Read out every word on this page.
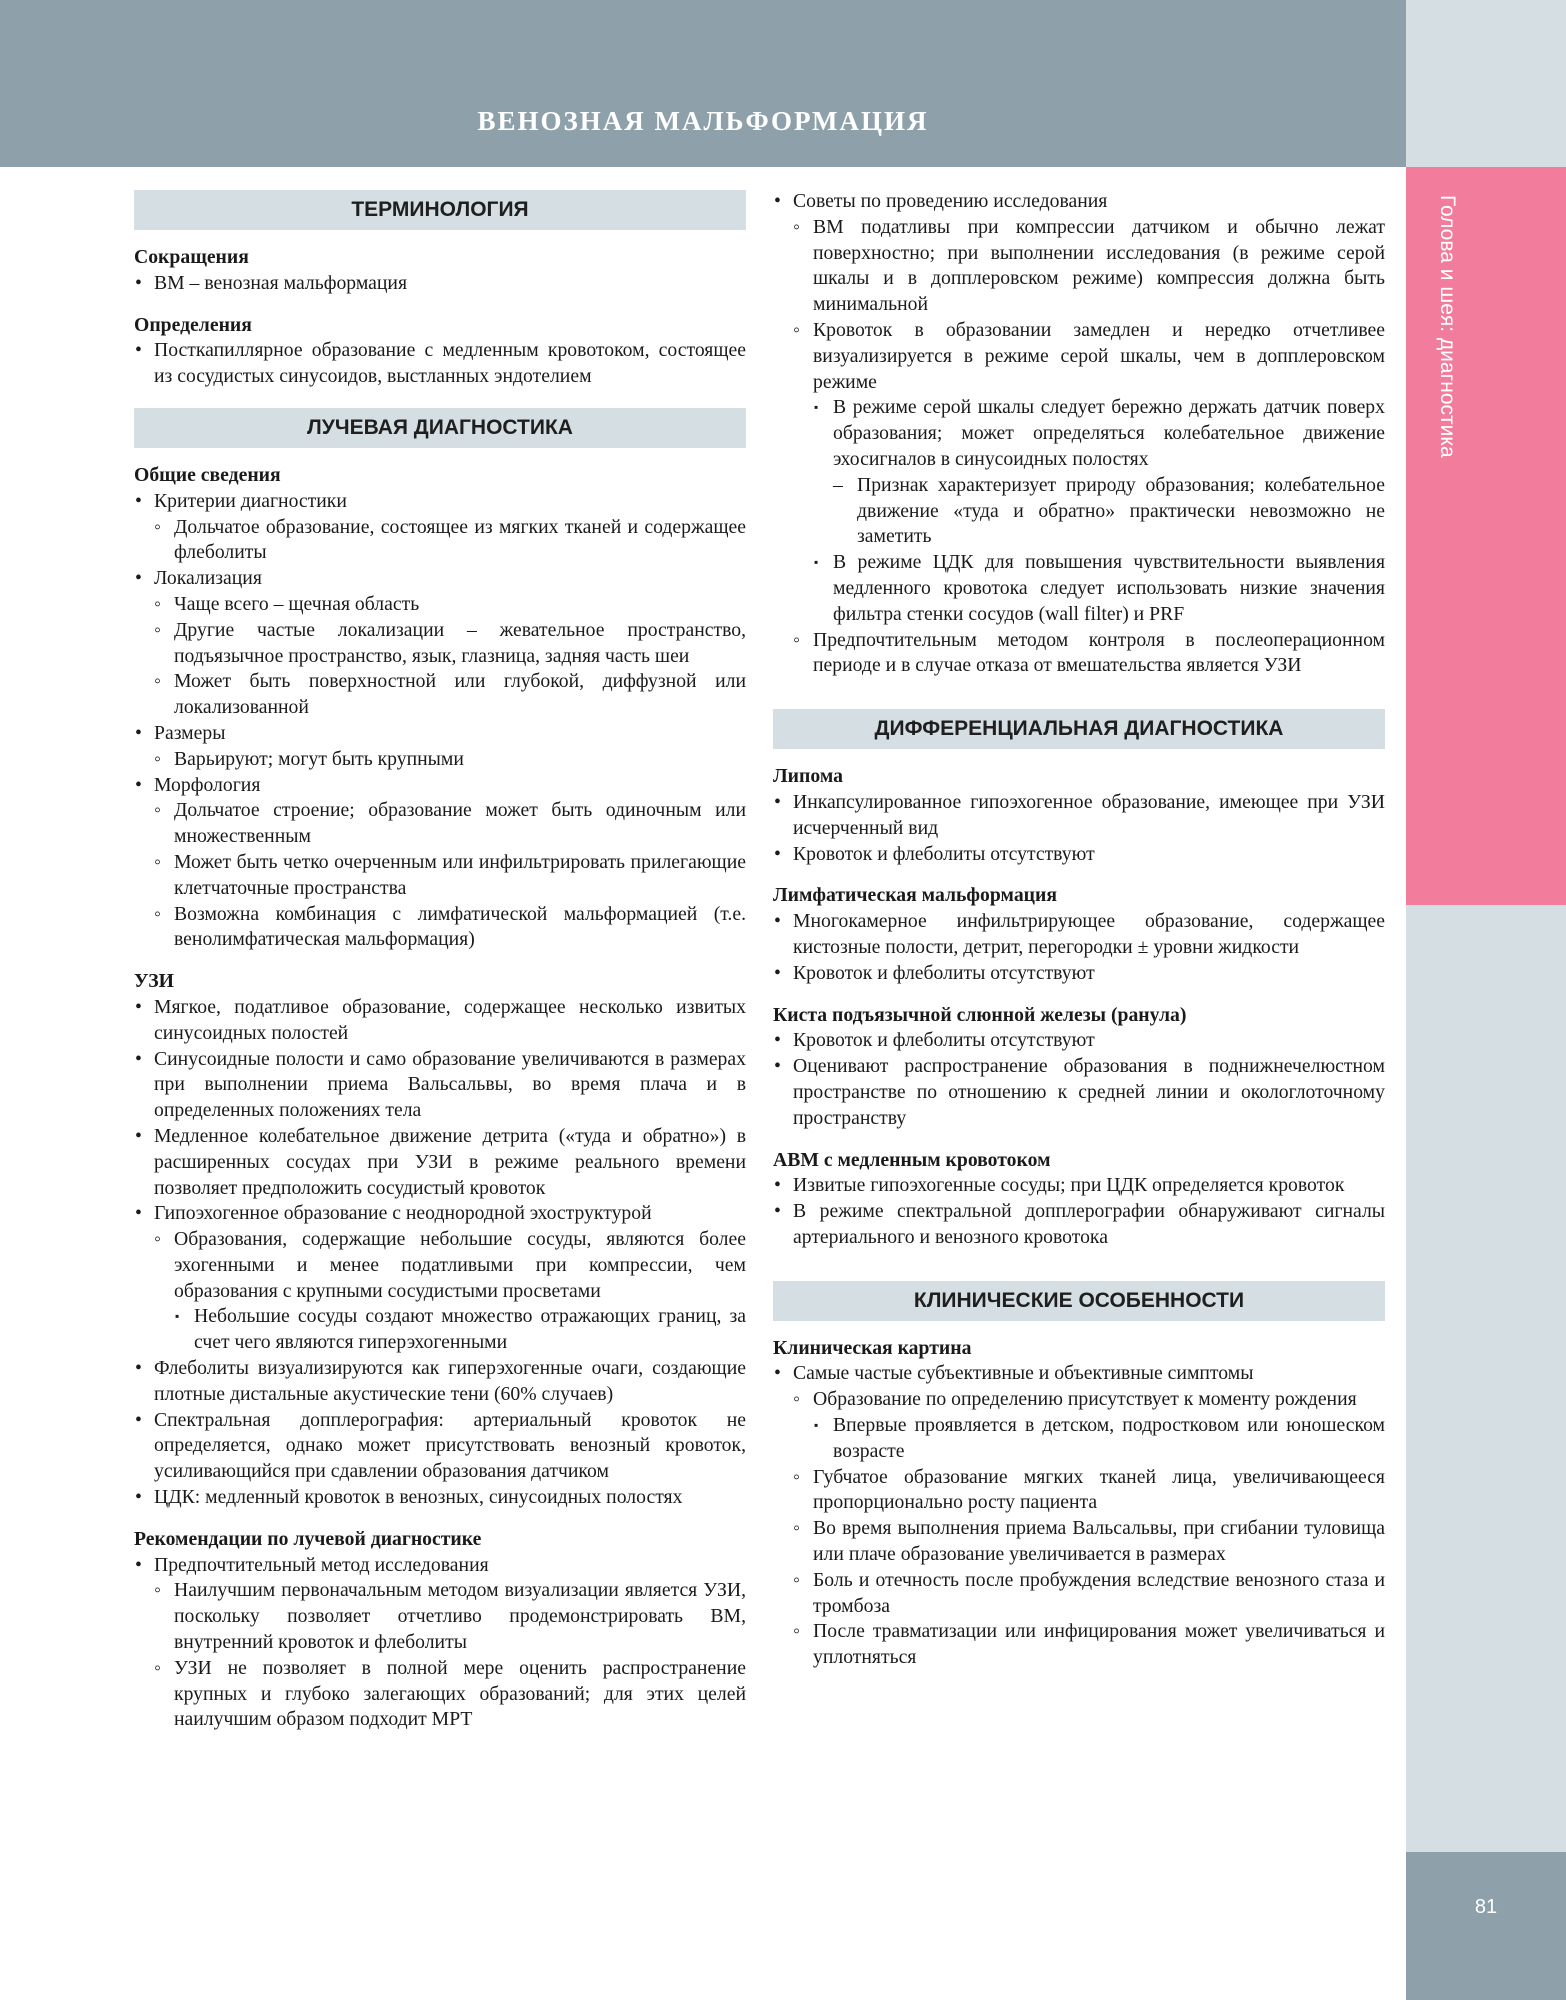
ВЕНОЗНАЯ МАЛЬФОРМАЦИЯ
Голова и шея: диагностика
81
ТЕРМИНОЛОГИЯ
Сокращения
• ВМ – венозная мальформация
Определения
• Посткапиллярное образование с медленным кровотоком, состоящее из сосудистых синусоидов, выстланных эндотелием
ЛУЧЕВАЯ ДИАГНОСТИКА
Общие сведения
• Критерии диагностики
◦ Дольчатое образование, состоящее из мягких тканей и содержащее флеболиты
• Локализация
◦ Чаще всего – щечная область
◦ Другие частые локализации – жевательное пространство, подъязычное пространство, язык, глазница, задняя часть шеи
◦ Может быть поверхностной или глубокой, диффузной или локализованной
• Размеры
◦ Варьируют; могут быть крупными
• Морфология
◦ Дольчатое строение; образование может быть одиночным или множественным
◦ Может быть четко очерченным или инфильтрировать прилегающие клетчаточные пространства
◦ Возможна комбинация с лимфатической мальформацией (т.е. венолимфатическая мальформация)
УЗИ
• Мягкое, податливое образование, содержащее несколько извитых синусоидных полостей
• Синусоидные полости и само образование увеличиваются в размерах при выполнении приема Вальсальвы, во время плача и в определенных положениях тела
• Медленное колебательное движение детрита («туда и обратно») в расширенных сосудах при УЗИ в режиме реального времени позволяет предположить сосудистый кровоток
• Гипоэхогенное образование с неоднородной эхоструктурой
◦ Образования, содержащие небольшие сосуды, являются более эхогенными и менее податливыми при компрессии, чем образования с крупными сосудистыми просветами
▪ Небольшие сосуды создают множество отражающих границ, за счет чего являются гиперэхогенными
• Флеболиты визуализируются как гиперэхогенные очаги, создающие плотные дистальные акустические тени (60% случаев)
• Спектральная допплерография: артериальный кровоток не определяется, однако может присутствовать венозный кровоток, усиливающийся при сдавлении образования датчиком
• ЦДК: медленный кровоток в венозных, синусоидных полостях
Рекомендации по лучевой диагностике
• Предпочтительный метод исследования
◦ Наилучшим первоначальным методом визуализации является УЗИ, поскольку позволяет отчетливо продемонстрировать ВМ, внутренний кровоток и флеболиты
◦ УЗИ не позволяет в полной мере оценить распространение крупных и глубоко залегающих образований; для этих целей наилучшим образом подходит МРТ
• Советы по проведению исследования
◦ ВМ податливы при компрессии датчиком и обычно лежат поверхностно; при выполнении исследования (в режиме серой шкалы и в допплеровском режиме) компрессия должна быть минимальной
◦ Кровоток в образовании замедлен и нередко отчетливее визуализируется в режиме серой шкалы, чем в допплеровском режиме
▪ В режиме серой шкалы следует бережно держать датчик поверх образования; может определяться колебательное движение эхосигналов в синусоидных полостях
– Признак характеризует природу образования; колебательное движение «туда и обратно» практически невозможно не заметить
▪ В режиме ЦДК для повышения чувствительности выявления медленного кровотока следует использовать низкие значения фильтра стенки сосудов (wall filter) и PRF
◦ Предпочтительным методом контроля в послеоперационном периоде и в случае отказа от вмешательства является УЗИ
ДИФФЕРЕНЦИАЛЬНАЯ ДИАГНОСТИКА
Липома
• Инкапсулированное гипоэхогенное образование, имеющее при УЗИ исчерченный вид
• Кровоток и флеболиты отсутствуют
Лимфатическая мальформация
• Многокамерное инфильтрирующее образование, содержащее кистозные полости, детрит, перегородки ± уровни жидкости
• Кровоток и флеболиты отсутствуют
Киста подъязычной слюнной железы (ранула)
• Кровоток и флеболиты отсутствуют
• Оценивают распространение образования в поднижнечелюстном пространстве по отношению к средней линии и окологлоточному пространству
АВМ с медленным кровотоком
• Извитые гипоэхогенные сосуды; при ЦДК определяется кровоток
• В режиме спектральной допплерографии обнаруживают сигналы артериального и венозного кровотока
КЛИНИЧЕСКИЕ ОСОБЕННОСТИ
Клиническая картина
• Самые частые субъективные и объективные симптомы
◦ Образование по определению присутствует к моменту рождения
▪ Впервые проявляется в детском, подростковом или юношеском возрасте
◦ Губчатое образование мягких тканей лица, увеличивающееся пропорционально росту пациента
◦ Во время выполнения приема Вальсальвы, при сгибании туловища или плаче образование увеличивается в размерах
◦ Боль и отечность после пробуждения вследствие венозного стаза и тромбоза
◦ После травматизации или инфицирования может увеличиваться и уплотняться
